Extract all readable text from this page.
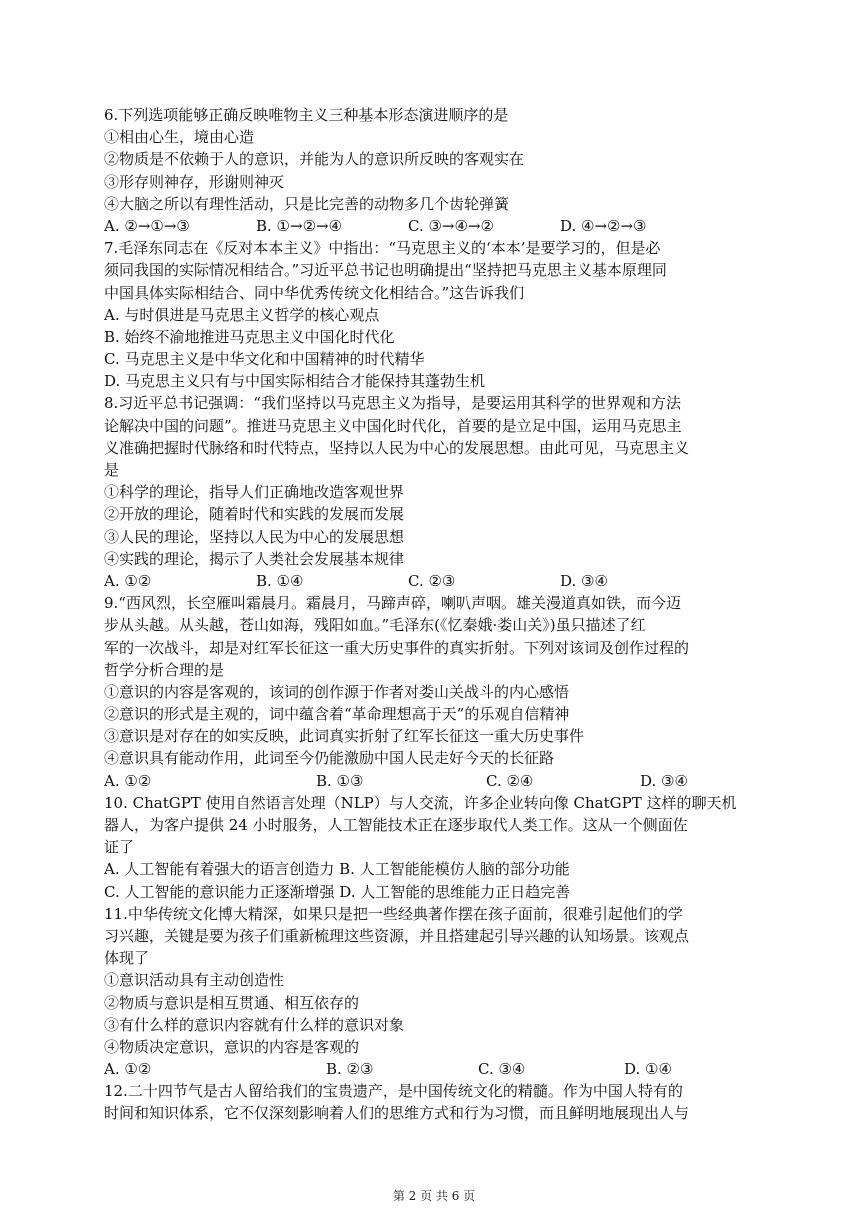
6.下列选项能够正确反映唯物主义三种基本形态演进顺序的是
①相由心生，境由心造
②物质是不依赖于人的意识，并能为人的意识所反映的客观实在
③形存则神存，形谢则神灭
④大脑之所以有理性活动，只是比完善的动物多几个齿轮弹簧
A. ②→①→③	B. ①→②→④	C. ③→④→②	D. ④→②→③
7.毛泽东同志在《反对本本主义》中指出：“马克思主义的‘本本’是要学习的，但是必
须同我国的实际情况相结合。”习近平总书记也明确提出“坚持把马克思主义基本原理同
中国具体实际相结合、同中华优秀传统文化相结合。”这告诉我们
A. 与时俱进是马克思主义哲学的核心观点
B. 始终不渝地推进马克思主义中国化时代化
C. 马克思主义是中华文化和中国精神的时代精华
D. 马克思主义只有与中国实际相结合才能保持其蓬勃生机
8.习近平总书记强调：“我们坚持以马克思主义为指导，是要运用其科学的世界观和方法
论解决中国的问题”。推进马克思主义中国化时代化，首要的是立足中国，运用马克思主
义准确把握时代脉络和时代特点，坚持以人民为中心的发展思想。由此可见，马克思主义
是
①科学的理论，指导人们正确地改造客观世界
②开放的理论，随着时代和实践的发展而发展
③人民的理论，坚持以人民为中心的发展思想
④实践的理论，揭示了人类社会发展基本规律
A. ①②	B. ①④	C. ②③	D. ③④
9.“西风烈，长空雁叫霜晨月。霜晨月，马蹄声碎，喇叭声咽。雄关漫道真如铁，而今迈
步从头越。从头越，苍山如海，残阳如血。”毛泽东(《忆秦娥·娄山关》)虽只描述了红
军的一次战斗，却是对红军长征这一重大历史事件的真实折射。下列对该词及创作过程的
哲学分析合理的是
①意识的内容是客观的，该词的创作源于作者对娄山关战斗的内心感悟
②意识的形式是主观的，词中蕴含着“革命理想高于天”的乐观自信精神
③意识是对存在的如实反映，此词真实折射了红军长征这一重大历史事件
④意识具有能动作用，此词至今仍能激励中国人民走好今天的长征路
A. ①②	B. ①③	C. ②④	D. ③④
10. ChatGPT 使用自然语言处理（NLP）与人交流，许多企业转向像 ChatGPT 这样的聊天机
器人，为客户提供 24 小时服务，人工智能技术正在逐步取代人类工作。这从一个侧面佐
证了
A. 人工智能有着强大的语言创造力 B. 人工智能能模仿人脑的部分功能
C. 人工智能的意识能力正逐渐增强 D. 人工智能的思维能力正日趋完善
11.中华传统文化博大精深，如果只是把一些经典著作摆在孩子面前，很难引起他们的学
习兴趣，关键是要为孩子们重新梳理这些资源，并且搭建起引导兴趣的认知场景。该观点
体现了
①意识活动具有主动创造性
②物质与意识是相互贯通、相互依存的
③有什么样的意识内容就有什么样的意识对象
④物质决定意识，意识的内容是客观的
A. ①②	B. ②③	C. ③④	D. ①④
12.二十四节气是古人留给我们的宝贵遗产，是中国传统文化的精髓。作为中国人特有的
时间和知识体系，它不仅深刻影响着人们的思维方式和行为习惯，而且鲜明地展现出人与
第 2 页 共 6 页
